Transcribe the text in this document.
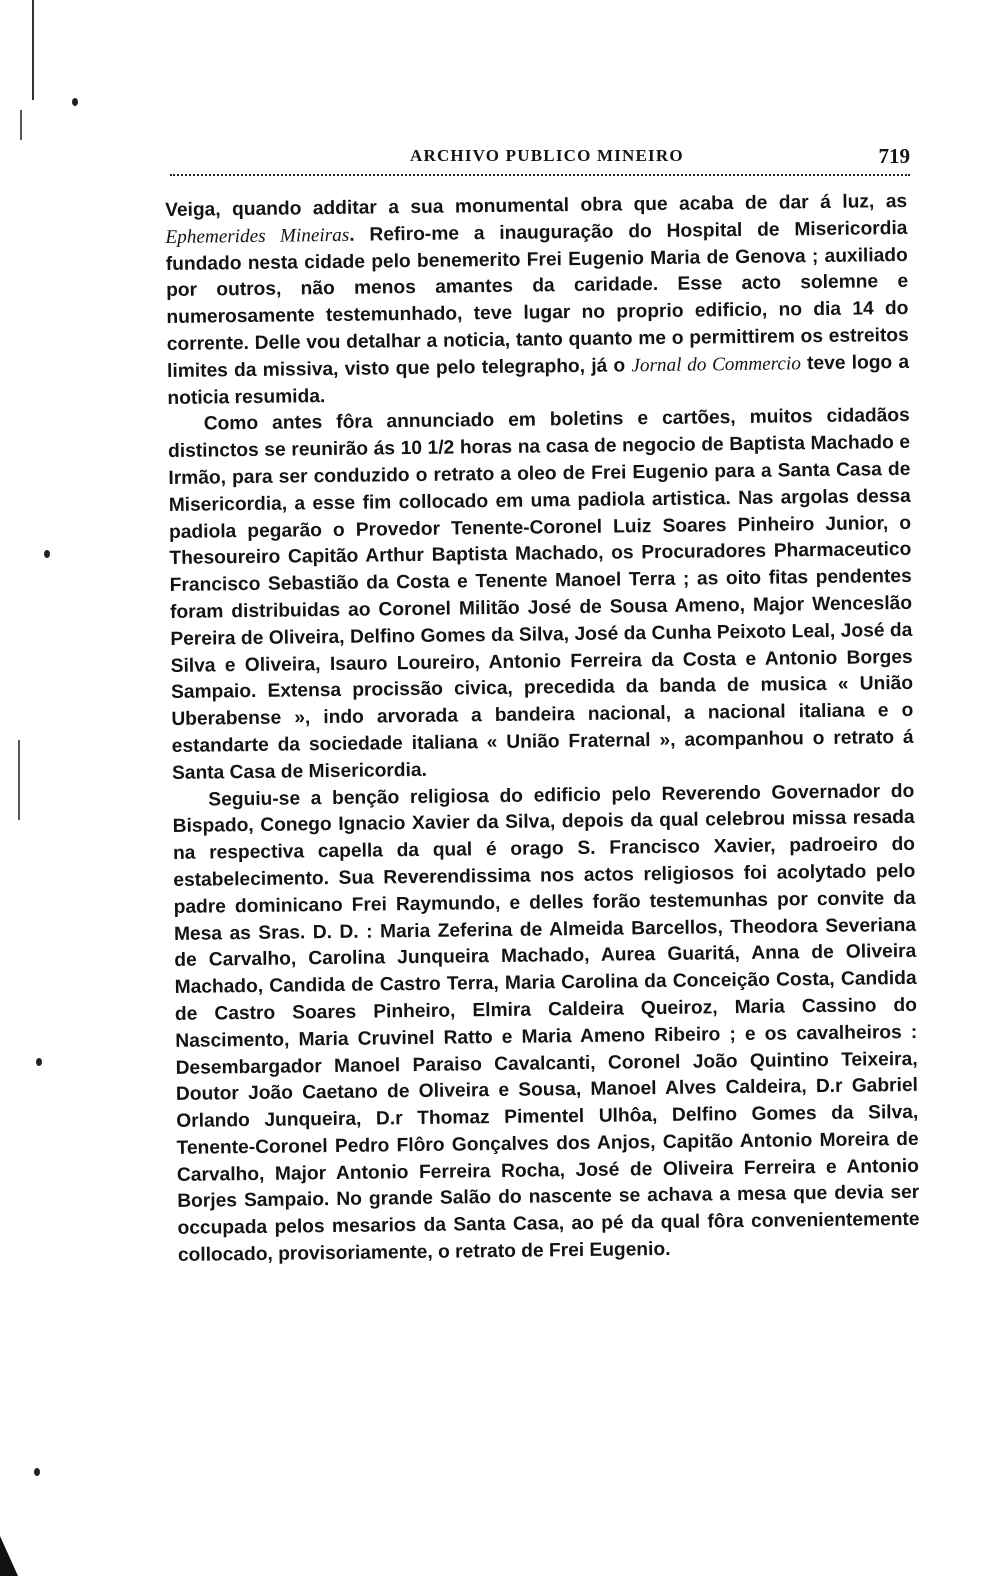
ARCHIVO PUBLICO MINEIRO	719

Veiga, quando additar a sua monumental obra que acaba de dar á luz, as Ephemerides Mineiras. Refiro-me a inauguração do Hospital de Misericordia fundado nesta cidade pelo benemerito Frei Eugenio Maria de Genova ; auxiliado por outros, não menos amantes da caridade. Esse acto solemne e numerosamente testemunhado, teve lugar no proprio edificio, no dia 14 do corrente. Delle vou detalhar a noticia, tanto quanto me o permittirem os estreitos limites da missiva, visto que pelo telegrapho, já o Jornal do Commercio teve logo a noticia resumida.

Como antes fôra annunciado em boletins e cartões, muitos cidadãos distinctos se reunirão ás 10 1/2 horas na casa de negocio de Baptista Machado e Irmão, para ser conduzido o retrato a oleo de Frei Eugenio para a Santa Casa de Misericordia, a esse fim collocado em uma padiola artistica. Nas argolas dessa padiola pegarão o Provedor Tenente-Coronel Luiz Soares Pinheiro Junior, o Thesoureiro Capitão Arthur Baptista Machado, os Procuradores Pharmaceutico Francisco Sebastião da Costa e Tenente Manoel Terra ; as oito fitas pendentes foram distribuidas ao Coronel Militão José de Sousa Ameno, Major Wenceslão Pereira de Oliveira, Delfino Gomes da Silva, José da Cunha Peixoto Leal, José da Silva e Oliveira, Isauro Loureiro, Antonio Ferreira da Costa e Antonio Borges Sampaio. Extensa procissão civica, precedida da banda de musica « União Uberabense », indo arvorada a bandeira nacional, a nacional italiana e o estandarte da sociedade italiana « União Fraternal », acompanhou o retrato á Santa Casa de Misericordia.

Seguiu-se a benção religiosa do edificio pelo Reverendo Governador do Bispado, Conego Ignacio Xavier da Silva, depois da qual celebrou missa resada na respectiva capella da qual é orago S. Francisco Xavier, padroeiro do estabelecimento. Sua Reverendissima nos actos religiosos foi acolytado pelo padre dominicano Frei Raymundo, e delles forão testemunhas por convite da Mesa as Sras. D. D. : Maria Zeferina de Almeida Barcellos, Theodora Severiana de Carvalho, Carolina Junqueira Machado, Aurea Guaritá, Anna de Oliveira Machado, Candida de Castro Terra, Maria Carolina da Conceição Costa, Candida de Castro Soares Pinheiro, Elmira Caldeira Queiroz, Maria Cassino do Nascimento, Maria Cruvinel Ratto e Maria Ameno Ribeiro ; e os cavalheiros : Desembargador Manoel Paraiso Cavalcanti, Coronel João Quintino Teixeira, Doutor João Caetano de Oliveira e Sousa, Manoel Alves Caldeira, D.r Gabriel Orlando Junqueira, D.r Thomaz Pimentel Ulhôa, Delfino Gomes da Silva, Tenente-Coronel Pedro Flôro Gonçalves dos Anjos, Capitão Antonio Moreira de Carvalho, Major Antonio Ferreira Rocha, José de Oliveira Ferreira e Antonio Borjes Sampaio. No grande Salão do nascente se achava a mesa que devia ser occupada pelos mesarios da Santa Casa, ao pé da qual fôra convenientemente collocado, provisoriamente, o retrato de Frei Eugenio.
